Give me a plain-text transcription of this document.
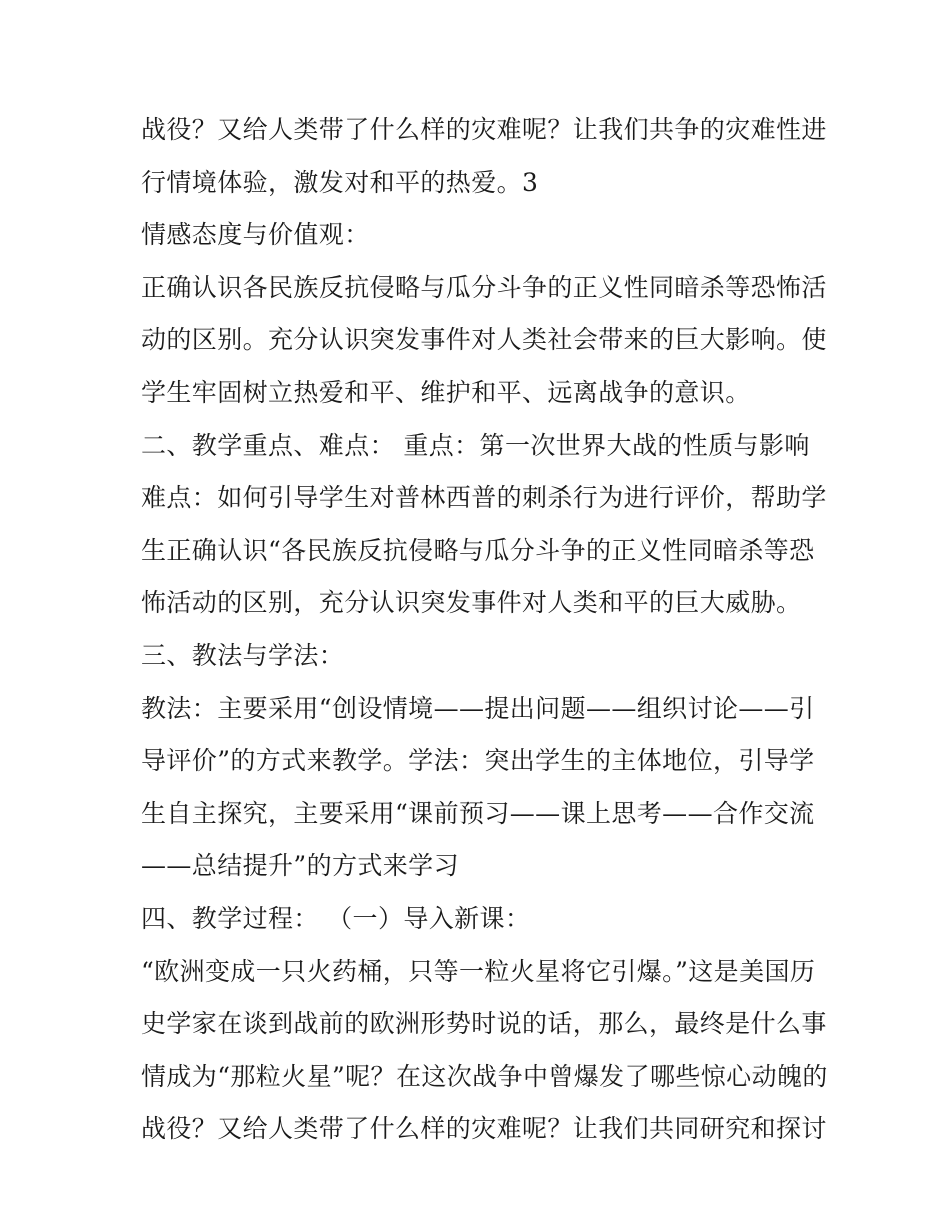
战役？又给人类带了什么样的灾难呢？让我们共争的灾难性进
行情境体验，激发对和平的热爱。3
情感态度与价值观：
正确认识各民族反抗侵略与瓜分斗争的正义性同暗杀等恐怖活
动的区别。充分认识突发事件对人类社会带来的巨大影响。使
学生牢固树立热爱和平、维护和平、远离战争的意识。
二、教学重点、难点： 重点：第一次世界大战的性质与影响
难点：如何引导学生对普林西普的刺杀行为进行评价，帮助学
生正确认识“各民族反抗侵略与瓜分斗争的正义性同暗杀等恐
怖活动的区别，充分认识突发事件对人类和平的巨大威胁。
三、教法与学法：
教法：主要采用“创设情境——提出问题——组织讨论——引
导评价”的方式来教学。学法：突出学生的主体地位，引导学
生自主探究，主要采用“课前预习——课上思考——合作交流
——总结提升”的方式来学习
四、教学过程： （一）导入新课：
“欧洲变成一只火药桶，只等一粒火星将它引爆。”这是美国历
史学家在谈到战前的欧洲形势时说的话，那么，最终是什么事
情成为“那粒火星”呢？在这次战争中曾爆发了哪些惊心动魄的
战役？又给人类带了什么样的灾难呢？让我们共同研究和探讨
